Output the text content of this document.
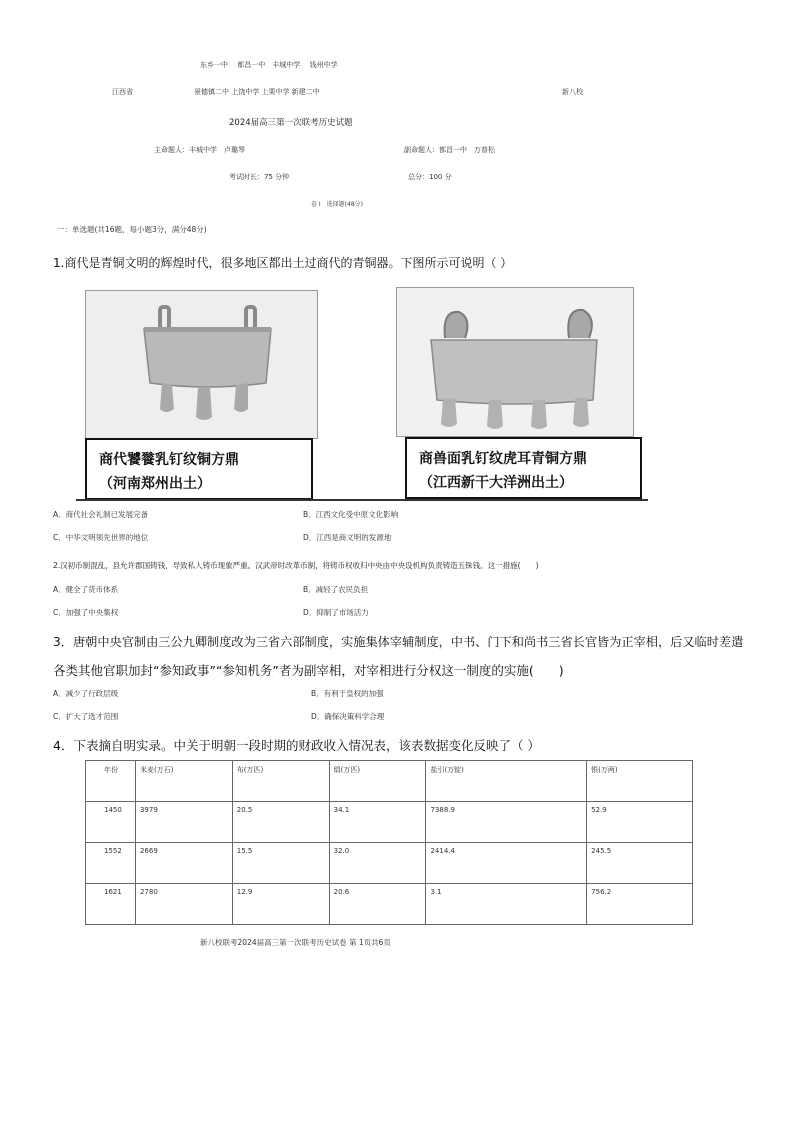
东乡一中　 都昌一中　丰城中学　 钱州中学
江西省	景德镇二中 上饶中学 上栗中学 新建二中	新八校
2024届高三第一次联考历史试题
主命题人：丰城中学　卢璐琴	副命题人：都昌一中　万普松
考试时长：75 分钟	总分：100 分
卷 I　选择题(48分)
一：单选题(共16题，每小题3分，满分48分)
1.商代是青铜文明的辉煌时代，很多地区都出土过商代的青铜器。下图所示可说明（ ）
商代饕餮乳钉纹铜方鼎
（河南郑州出土）
商兽面乳钉纹虎耳青铜方鼎
（江西新干大洋洲出土）
A．商代社会礼制已发展完备	B．江西文化受中原文化影响
C．中华文明领先世界的地位	D．江西是商文明的发源地
2.汉初币制混乱，县允许郡国铸钱，导致私人铸币现象严重。汉武帝时改革币制，将铸币权收归中央由中央设机构负责铸造五铢钱。这一措施(　　)
A．健全了货币体系	B．减轻了农民负担
C．加强了中央集权	D．抑制了市场活力
3．唐朝中央官制由三公九卿制度改为三省六部制度，实施集体宰辅制度，中书、门下和尚书三省长官皆为正宰相，后又临时差遣
各类其他官职加封“参知政事”“参知机务”者为副宰相，对宰相进行分权这一制度的实施(　　)
A．减少了行政层级	B．有利于皇权的加强
C．扩大了选才范围	D．确保决策科学合理
4．下表摘自明实录。中关于明朝一段时期的财政收入情况表，该表数据变化反映了（ ）
年份	米麦(万石)	布(万匹)	绢(万匹)	盐引(万锭)	银(万两)
1450	3979	20.5	34.1	7388.9	52.9
1552	2669	15.5	32.0	2414.4	245.5
1621	2780	12.9	20.6	3.1	756.2
新八校联考2024届高三第一次联考历史试卷 第 1页共6页
